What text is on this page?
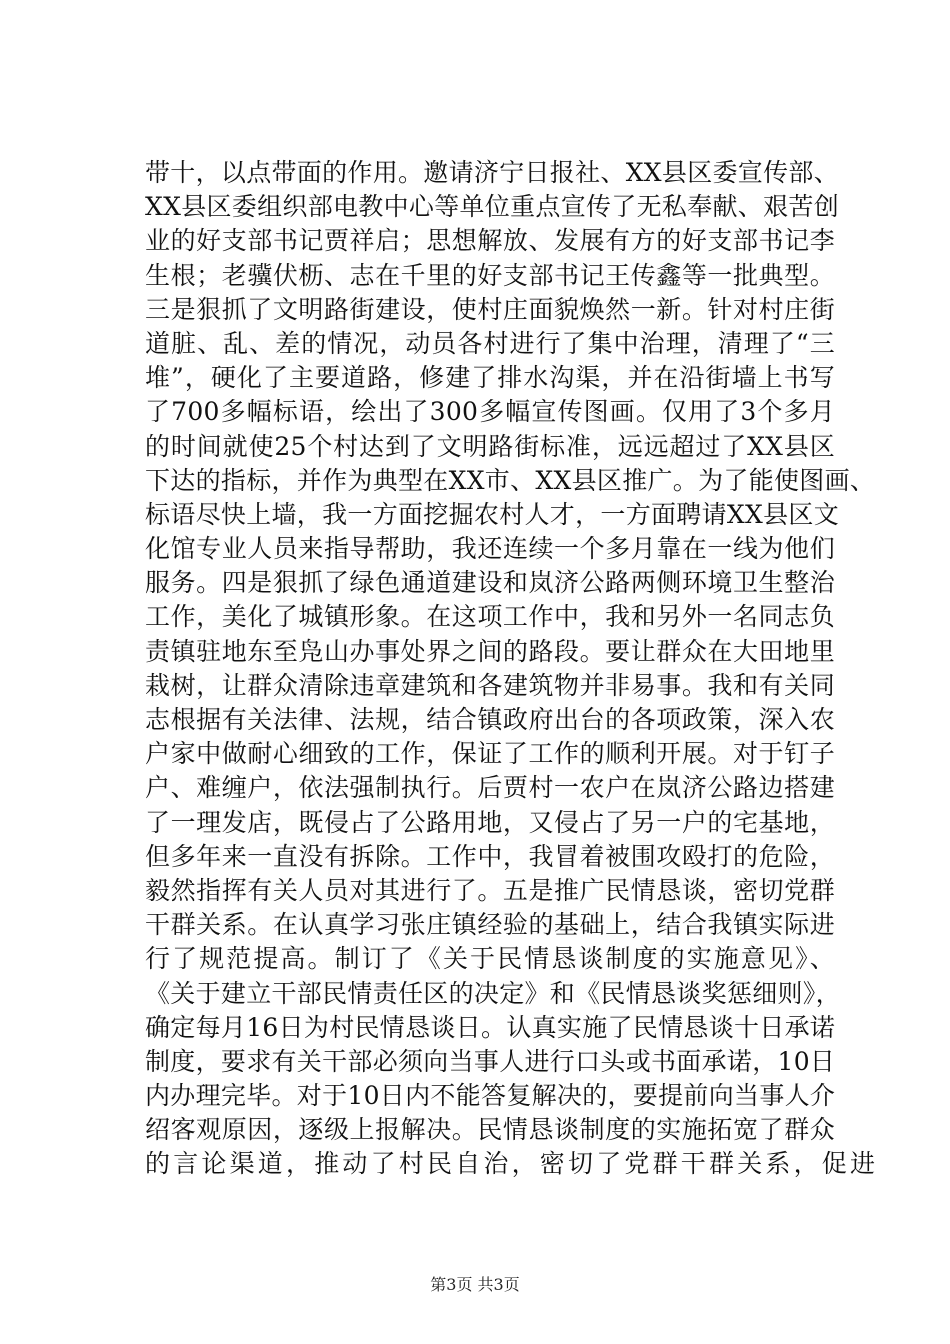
带十，以点带面的作用。邀请济宁日报社、XX县区委宣传部、
XX县区委组织部电教中心等单位重点宣传了无私奉献、艰苦创
业的好支部书记贾祥启；思想解放、发展有方的好支部书记李
生根；老骥伏枥、志在千里的好支部书记王传鑫等一批典型。
三是狠抓了文明路街建设，使村庄面貌焕然一新。针对村庄街
道脏、乱、差的情况，动员各村进行了集中治理，清理了“三
堆”，硬化了主要道路，修建了排水沟渠，并在沿街墙上书写
了700多幅标语，绘出了300多幅宣传图画。仅用了3个多月
的时间就使25个村达到了文明路街标准，远远超过了XX县区
下达的指标，并作为典型在XX市、XX县区推广。为了能使图画、
标语尽快上墙，我一方面挖掘农村人才，一方面聘请XX县区文
化馆专业人员来指导帮助，我还连续一个多月靠在一线为他们
服务。四是狠抓了绿色通道建设和岚济公路两侧环境卫生整治
工作，美化了城镇形象。在这项工作中，我和另外一名同志负
责镇驻地东至凫山办事处界之间的路段。要让群众在大田地里
栽树，让群众清除违章建筑和各建筑物并非易事。我和有关同
志根据有关法律、法规，结合镇政府出台的各项政策，深入农
户家中做耐心细致的工作，保证了工作的顺利开展。对于钉子
户、难缠户，依法强制执行。后贾村一农户在岚济公路边搭建
了一理发店，既侵占了公路用地，又侵占了另一户的宅基地，
但多年来一直没有拆除。工作中，我冒着被围攻殴打的危险，
毅然指挥有关人员对其进行了。五是推广民情恳谈，密切党群
干群关系。在认真学习张庄镇经验的基础上，结合我镇实际进
行了规范提高。制订了《关于民情恳谈制度的实施意见》、
《关于建立干部民情责任区的决定》和《民情恳谈奖惩细则》，
确定每月16日为村民情恳谈日。认真实施了民情恳谈十日承诺
制度，要求有关干部必须向当事人进行口头或书面承诺，10日
内办理完毕。对于10日内不能答复解决的，要提前向当事人介
绍客观原因，逐级上报解决。民情恳谈制度的实施拓宽了群众
的言论渠道，推动了村民自治，密切了党群干群关系，促进
第3页 共3页
